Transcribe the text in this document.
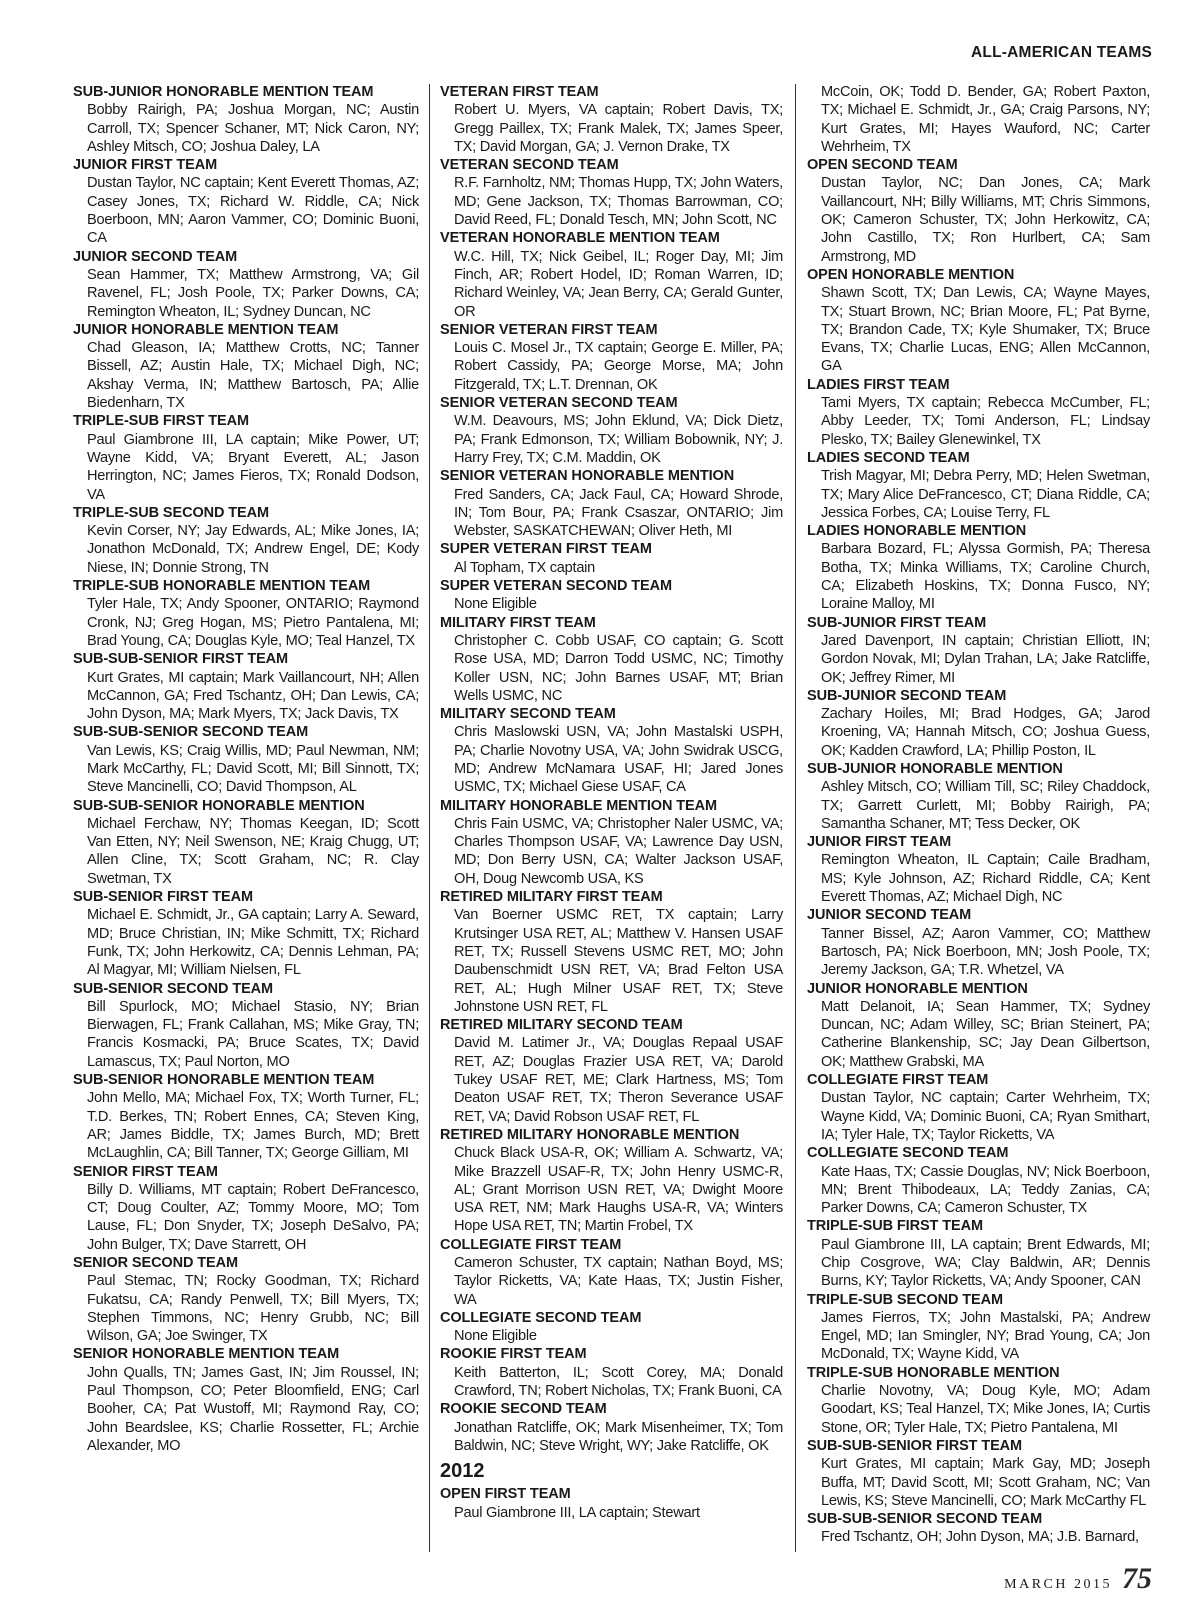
ALL-AMERICAN TEAMS
SUB-JUNIOR HONORABLE MENTION TEAM
Bobby Rairigh, PA; Joshua Morgan, NC; Austin Carroll, TX; Spencer Schaner, MT; Nick Caron, NY; Ashley Mitsch, CO; Joshua Daley, LA
JUNIOR FIRST TEAM
Dustan Taylor, NC captain; Kent Everett Thomas, AZ; Casey Jones, TX; Richard W. Riddle, CA; Nick Boerboon, MN; Aaron Vammer, CO; Dominic Buoni, CA
JUNIOR SECOND TEAM
Sean Hammer, TX; Matthew Armstrong, VA; Gil Ravenel, FL; Josh Poole, TX; Parker Downs, CA; Remington Wheaton, IL; Sydney Duncan, NC
JUNIOR HONORABLE MENTION TEAM
Chad Gleason, IA; Matthew Crotts, NC; Tanner Bissell, AZ; Austin Hale, TX; Michael Digh, NC; Akshay Verma, IN; Matthew Bartosch, PA; Allie Biedenharn, TX
TRIPLE-SUB FIRST TEAM
Paul Giambrone III, LA captain; Mike Power, UT; Wayne Kidd, VA; Bryant Everett, AL; Jason Herrington, NC; James Fieros, TX; Ronald Dodson, VA
TRIPLE-SUB SECOND TEAM
Kevin Corser, NY; Jay Edwards, AL; Mike Jones, IA; Jonathon McDonald, TX; Andrew Engel, DE; Kody Niese, IN; Donnie Strong, TN
TRIPLE-SUB HONORABLE MENTION TEAM
Tyler Hale, TX; Andy Spooner, ONTARIO; Raymond Cronk, NJ; Greg Hogan, MS; Pietro Pantalena, MI; Brad Young, CA; Douglas Kyle, MO; Teal Hanzel, TX
SUB-SUB-SENIOR FIRST TEAM
Kurt Grates, MI captain; Mark Vaillancourt, NH; Allen McCannon, GA; Fred Tschantz, OH; Dan Lewis, CA; John Dyson, MA; Mark Myers, TX; Jack Davis, TX
SUB-SUB-SENIOR SECOND TEAM
Van Lewis, KS; Craig Willis, MD; Paul Newman, NM; Mark McCarthy, FL; David Scott, MI; Bill Sinnott, TX; Steve Mancinelli, CO; David Thompson, AL
SUB-SUB-SENIOR HONORABLE MENTION
Michael Ferchaw, NY; Thomas Keegan, ID; Scott Van Etten, NY; Neil Swenson, NE; Kraig Chugg, UT; Allen Cline, TX; Scott Graham, NC; R. Clay Swetman, TX
SUB-SENIOR FIRST TEAM
Michael E. Schmidt, Jr., GA captain; Larry A. Seward, MD; Bruce Christian, IN; Mike Schmitt, TX; Richard Funk, TX; John Herkowitz, CA; Dennis Lehman, PA; Al Magyar, MI; William Nielsen, FL
SUB-SENIOR SECOND TEAM
Bill Spurlock, MO; Michael Stasio, NY; Brian Bierwagen, FL; Frank Callahan, MS; Mike Gray, TN; Francis Kosmacki, PA; Bruce Scates, TX; David Lamascus, TX; Paul Norton, MO
SUB-SENIOR HONORABLE MENTION TEAM
John Mello, MA; Michael Fox, TX; Worth Turner, FL; T.D. Berkes, TN; Robert Ennes, CA; Steven King, AR; James Biddle, TX; James Burch, MD; Brett McLaughlin, CA; Bill Tanner, TX; George Gilliam, MI
SENIOR FIRST TEAM
Billy D. Williams, MT captain; Robert DeFrancesco, CT; Doug Coulter, AZ; Tommy Moore, MO; Tom Lause, FL; Don Snyder, TX; Joseph DeSalvo, PA; John Bulger, TX; Dave Starrett, OH
SENIOR SECOND TEAM
Paul Stemac, TN; Rocky Goodman, TX; Richard Fukatsu, CA; Randy Penwell, TX; Bill Myers, TX; Stephen Timmons, NC; Henry Grubb, NC; Bill Wilson, GA; Joe Swinger, TX
SENIOR HONORABLE MENTION TEAM
John Qualls, TN; James Gast, IN; Jim Roussel, IN; Paul Thompson, CO; Peter Bloomfield, ENG; Carl Booher, CA; Pat Wustoff, MI; Raymond Ray, CO; John Beardslee, KS; Charlie Rossetter, FL; Archie Alexander, MO
VETERAN FIRST TEAM
Robert U. Myers, VA captain; Robert Davis, TX; Gregg Paillex, TX; Frank Malek, TX; James Speer, TX; David Morgan, GA; J. Vernon Drake, TX
VETERAN SECOND TEAM
R.F. Farnholtz, NM; Thomas Hupp, TX; John Waters, MD; Gene Jackson, TX; Thomas Barrowman, CO; David Reed, FL; Donald Tesch, MN; John Scott, NC
VETERAN HONORABLE MENTION TEAM
W.C. Hill, TX; Nick Geibel, IL; Roger Day, MI; Jim Finch, AR; Robert Hodel, ID; Roman Warren, ID; Richard Weinley, VA; Jean Berry, CA; Gerald Gunter, OR
SENIOR VETERAN FIRST TEAM
Louis C. Mosel Jr., TX captain; George E. Miller, PA; Robert Cassidy, PA; George Morse, MA; John Fitzgerald, TX; L.T. Drennan, OK
SENIOR VETERAN SECOND TEAM
W.M. Deavours, MS; John Eklund, VA; Dick Dietz, PA; Frank Edmonson, TX; William Bobownik, NY; J. Harry Frey, TX; C.M. Maddin, OK
SENIOR VETERAN HONORABLE MENTION
Fred Sanders, CA; Jack Faul, CA; Howard Shrode, IN; Tom Bour, PA; Frank Csaszar, ONTARIO; Jim Webster, SASKATCHEWAN; Oliver Heth, MI
SUPER VETERAN FIRST TEAM
Al Topham, TX captain
SUPER VETERAN SECOND TEAM
None Eligible
MILITARY FIRST TEAM
Christopher C. Cobb USAF, CO captain; G. Scott Rose USA, MD; Darron Todd USMC, NC; Timothy Koller USN, NC; John Barnes USAF, MT; Brian Wells USMC, NC
MILITARY SECOND TEAM
Chris Maslowski USN, VA; John Mastalski USPH, PA; Charlie Novotny USA, VA; John Swidrak USCG, MD; Andrew McNamara USAF, HI; Jared Jones USMC, TX; Michael Giese USAF, CA
MILITARY HONORABLE MENTION TEAM
Chris Fain USMC, VA; Christopher Naler USMC, VA; Charles Thompson USAF, VA; Lawrence Day USN, MD; Don Berry USN, CA; Walter Jackson USAF, OH, Doug Newcomb USA, KS
RETIRED MILITARY FIRST TEAM
Van Boerner USMC RET, TX captain; Larry Krutsinger USA RET, AL; Matthew V. Hansen USAF RET, TX; Russell Stevens USMC RET, MO; John Daubenschmidt USN RET, VA; Brad Felton USA RET, AL; Hugh Milner USAF RET, TX; Steve Johnstone USN RET, FL
RETIRED MILITARY SECOND TEAM
David M. Latimer Jr., VA; Douglas Repaal USAF RET, AZ; Douglas Frazier USA RET, VA; Darold Tukey USAF RET, ME; Clark Hartness, MS; Tom Deaton USAF RET, TX; Theron Severance USAF RET, VA; David Robson USAF RET, FL
RETIRED MILITARY HONORABLE MENTION
Chuck Black USA-R, OK; William A. Schwartz, VA; Mike Brazzell USAF-R, TX; John Henry USMC-R, AL; Grant Morrison USN RET, VA; Dwight Moore USA RET, NM; Mark Haughs USA-R, VA; Winters Hope USA RET, TN; Martin Frobel, TX
COLLEGIATE FIRST TEAM
Cameron Schuster, TX captain; Nathan Boyd, MS; Taylor Ricketts, VA; Kate Haas, TX; Justin Fisher, WA
COLLEGIATE SECOND TEAM
None Eligible
ROOKIE FIRST TEAM
Keith Batterton, IL; Scott Corey, MA; Donald Crawford, TN; Robert Nicholas, TX; Frank Buoni, CA
ROOKIE SECOND TEAM
Jonathan Ratcliffe, OK; Mark Misenheimer, TX; Tom Baldwin, NC; Steve Wright, WY; Jake Ratcliffe, OK
2012
OPEN FIRST TEAM
Paul Giambrone III, LA captain; Stewart
McCoin, OK; Todd D. Bender, GA; Robert Paxton, TX; Michael E. Schmidt, Jr., GA; Craig Parsons, NY; Kurt Grates, MI; Hayes Wauford, NC; Carter Wehrheim, TX
OPEN SECOND TEAM
Dustan Taylor, NC; Dan Jones, CA; Mark Vaillancourt, NH; Billy Williams, MT; Chris Simmons, OK; Cameron Schuster, TX; John Herkowitz, CA; John Castillo, TX; Ron Hurlbert, CA; Sam Armstrong, MD
OPEN HONORABLE MENTION
Shawn Scott, TX; Dan Lewis, CA; Wayne Mayes, TX; Stuart Brown, NC; Brian Moore, FL; Pat Byrne, TX; Brandon Cade, TX; Kyle Shumaker, TX; Bruce Evans, TX; Charlie Lucas, ENG; Allen McCannon, GA
LADIES FIRST TEAM
Tami Myers, TX captain; Rebecca McCumber, FL; Abby Leeder, TX; Tomi Anderson, FL; Lindsay Plesko, TX; Bailey Glenewinkel, TX
LADIES SECOND TEAM
Trish Magyar, MI; Debra Perry, MD; Helen Swetman, TX; Mary Alice DeFrancesco, CT; Diana Riddle, CA; Jessica Forbes, CA; Louise Terry, FL
LADIES HONORABLE MENTION
Barbara Bozard, FL; Alyssa Gormish, PA; Theresa Botha, TX; Minka Williams, TX; Caroline Church, CA; Elizabeth Hoskins, TX; Donna Fusco, NY; Loraine Malloy, MI
SUB-JUNIOR FIRST TEAM
Jared Davenport, IN captain; Christian Elliott, IN; Gordon Novak, MI; Dylan Trahan, LA; Jake Ratcliffe, OK; Jeffrey Rimer, MI
SUB-JUNIOR SECOND TEAM
Zachary Hoiles, MI; Brad Hodges, GA; Jarod Kroening, VA; Hannah Mitsch, CO; Joshua Guess, OK; Kadden Crawford, LA; Phillip Poston, IL
SUB-JUNIOR HONORABLE MENTION
Ashley Mitsch, CO; William Till, SC; Riley Chaddock, TX; Garrett Curlett, MI; Bobby Rairigh, PA; Samantha Schaner, MT; Tess Decker, OK
JUNIOR FIRST TEAM
Remington Wheaton, IL Captain; Caile Bradham, MS; Kyle Johnson, AZ; Richard Riddle, CA; Kent Everett Thomas, AZ; Michael Digh, NC
JUNIOR SECOND TEAM
Tanner Bissel, AZ; Aaron Vammer, CO; Matthew Bartosch, PA; Nick Boerboon, MN; Josh Poole, TX; Jeremy Jackson, GA; T.R. Whetzel, VA
JUNIOR HONORABLE MENTION
Matt Delanoit, IA; Sean Hammer, TX; Sydney Duncan, NC; Adam Willey, SC; Brian Steinert, PA; Catherine Blankenship, SC; Jay Dean Gilbertson, OK; Matthew Grabski, MA
COLLEGIATE FIRST TEAM
Dustan Taylor, NC captain; Carter Wehrheim, TX; Wayne Kidd, VA; Dominic Buoni, CA; Ryan Smithart, IA; Tyler Hale, TX; Taylor Ricketts, VA
COLLEGIATE SECOND TEAM
Kate Haas, TX; Cassie Douglas, NV; Nick Boerboon, MN; Brent Thibodeaux, LA; Teddy Zanias, CA; Parker Downs, CA; Cameron Schuster, TX
TRIPLE-SUB FIRST TEAM
Paul Giambrone III, LA captain; Brent Edwards, MI; Chip Cosgrove, WA; Clay Baldwin, AR; Dennis Burns, KY; Taylor Ricketts, VA; Andy Spooner, CAN
TRIPLE-SUB SECOND TEAM
James Fierros, TX; John Mastalski, PA; Andrew Engel, MD; Ian Smingler, NY; Brad Young, CA; Jon McDonald, TX; Wayne Kidd, VA
TRIPLE-SUB HONORABLE MENTION
Charlie Novotny, VA; Doug Kyle, MO; Adam Goodart, KS; Teal Hanzel, TX; Mike Jones, IA; Curtis Stone, OR; Tyler Hale, TX; Pietro Pantalena, MI
SUB-SUB-SENIOR FIRST TEAM
Kurt Grates, MI captain; Mark Gay, MD; Joseph Buffa, MT; David Scott, MI; Scott Graham, NC; Van Lewis, KS; Steve Mancinelli, CO; Mark McCarthy FL
SUB-SUB-SENIOR SECOND TEAM
Fred Tschantz, OH; John Dyson, MA; J.B. Barnard,
MARCH 2015 75
